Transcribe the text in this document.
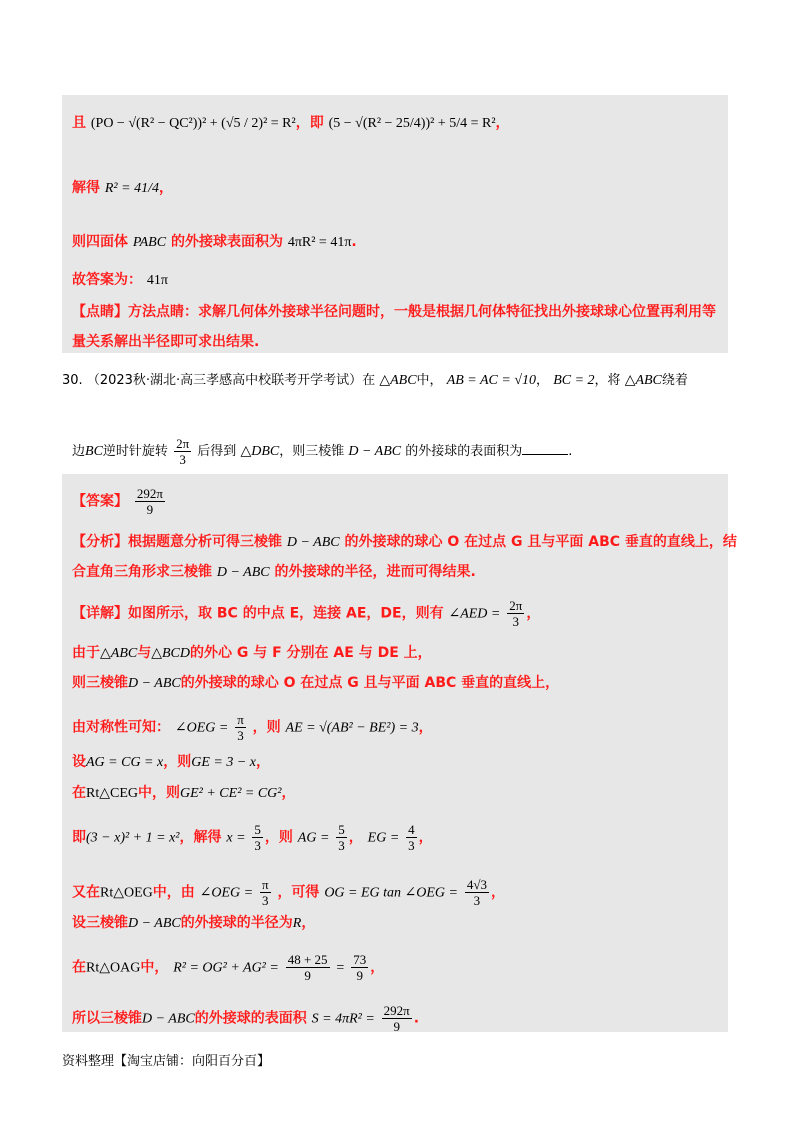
且 (PO − √(R² − QC²))² + (√5 / 2)² = R²，即 (5 − √(R² − 25/4))² + 5/4 = R²，
解得 R² = 41/4，
则四面体 PABC 的外接球表面积为 4πR² = 41π.
故答案为： 41π
【点睛】方法点睛：求解几何体外接球半径问题时，一般是根据几何体特征找出外接球球心位置再利用等
量关系解出半径即可求出结果.
30. （2023秋·湖北·高三孝感高中校联考开学考试）在 △ABC中， AB = AC = √10， BC = 2，将 △ABC绕着
边BC逆时针旋转 $\frac{2\pi}{3}$ 后得到 △DBC，则三棱锥 D − ABC 的外接球的表面积为	.
【答案】 $\frac{292\pi}{9}$
【分析】根据题意分析可得三棱锥 D − ABC 的外接球的球心 O 在过点 G 且与平面 ABC 垂直的直线上，结
合直角三角形求三棱锥 D − ABC 的外接球的半径，进而可得结果.
【详解】如图所示，取 BC 的中点 E，连接 AE，DE，则有 ∠AED = $\frac{2\pi}{3}$ ，
由于△ABC与△BCD的外心 G 与 F 分别在 AE 与 DE 上，
则三棱锥D − ABC的外接球的球心 O 在过点 G 且与平面 ABC 垂直的直线上，
由对称性可知： ∠OEG = $\frac{\pi}{3}$ ，则 AE = √(AB² − BE²) = 3，
设AG = CG = x，则GE = 3 − x，
在Rt△CEG中，则GE² + CE² = CG²，
即(3 − x)² + 1 = x²，解得 $x = \frac{5}{3}$ ，则 AG = $\frac{5}{3}$ ， EG = $\frac{4}{3}$ ，
又在Rt△OEG中，由 ∠OEG = $\frac{\pi}{3}$ ，可得 OG = EG tan ∠OEG = $\frac{4√3}{3}$ ，
设三棱锥D − ABC的外接球的半径为R，
在Rt△OAG中， $R^2 = OG^2 + AG^2 = \frac{48 + 25}{9} = \frac{73}{9}$ ，
所以三棱锥D − ABC的外接球的表面积 $S = 4\pi R^2 = \frac{292\pi}{9}$ .
资料整理【淘宝店铺：向阳百分百】
